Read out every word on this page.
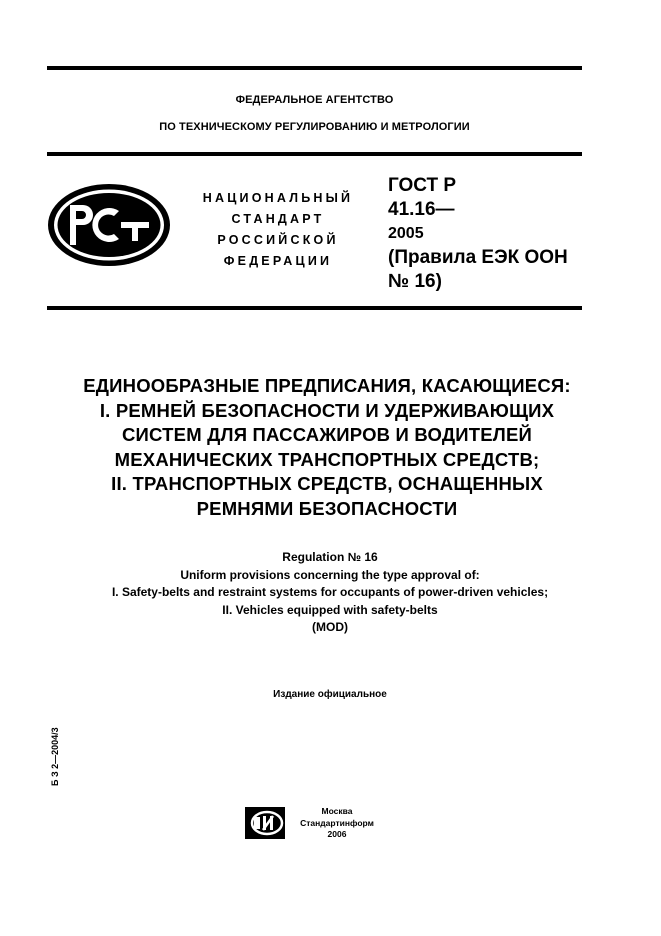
ФЕДЕРАЛЬНОЕ АГЕНТСТВО
ПО ТЕХНИЧЕСКОМУ РЕГУЛИРОВАНИЮ И МЕТРОЛОГИИ
НАЦИОНАЛЬНЫЙ
СТАНДАРТ
РОССИЙСКОЙ
ФЕДЕРАЦИИ
ГОСТ Р
41.16—
2005
(Правила ЕЭК ООН
№ 16)
ЕДИНООБРАЗНЫЕ ПРЕДПИСАНИЯ, КАСАЮЩИЕСЯ:
I. РЕМНЕЙ БЕЗОПАСНОСТИ И УДЕРЖИВАЮЩИХ
СИСТЕМ ДЛЯ ПАССАЖИРОВ И ВОДИТЕЛЕЙ
МЕХАНИЧЕСКИХ ТРАНСПОРТНЫХ СРЕДСТВ;
II. ТРАНСПОРТНЫХ СРЕДСТВ, ОСНАЩЕННЫХ
РЕМНЯМИ БЕЗОПАСНОСТИ
Regulation № 16
Uniform provisions concerning the type approval of:
I. Safety-belts and restraint systems for occupants of power-driven vehicles;
II. Vehicles equipped with safety-belts
(MOD)
Издание официальное
Б З 2—2004/3
Москва
Стандартинформ
2006
